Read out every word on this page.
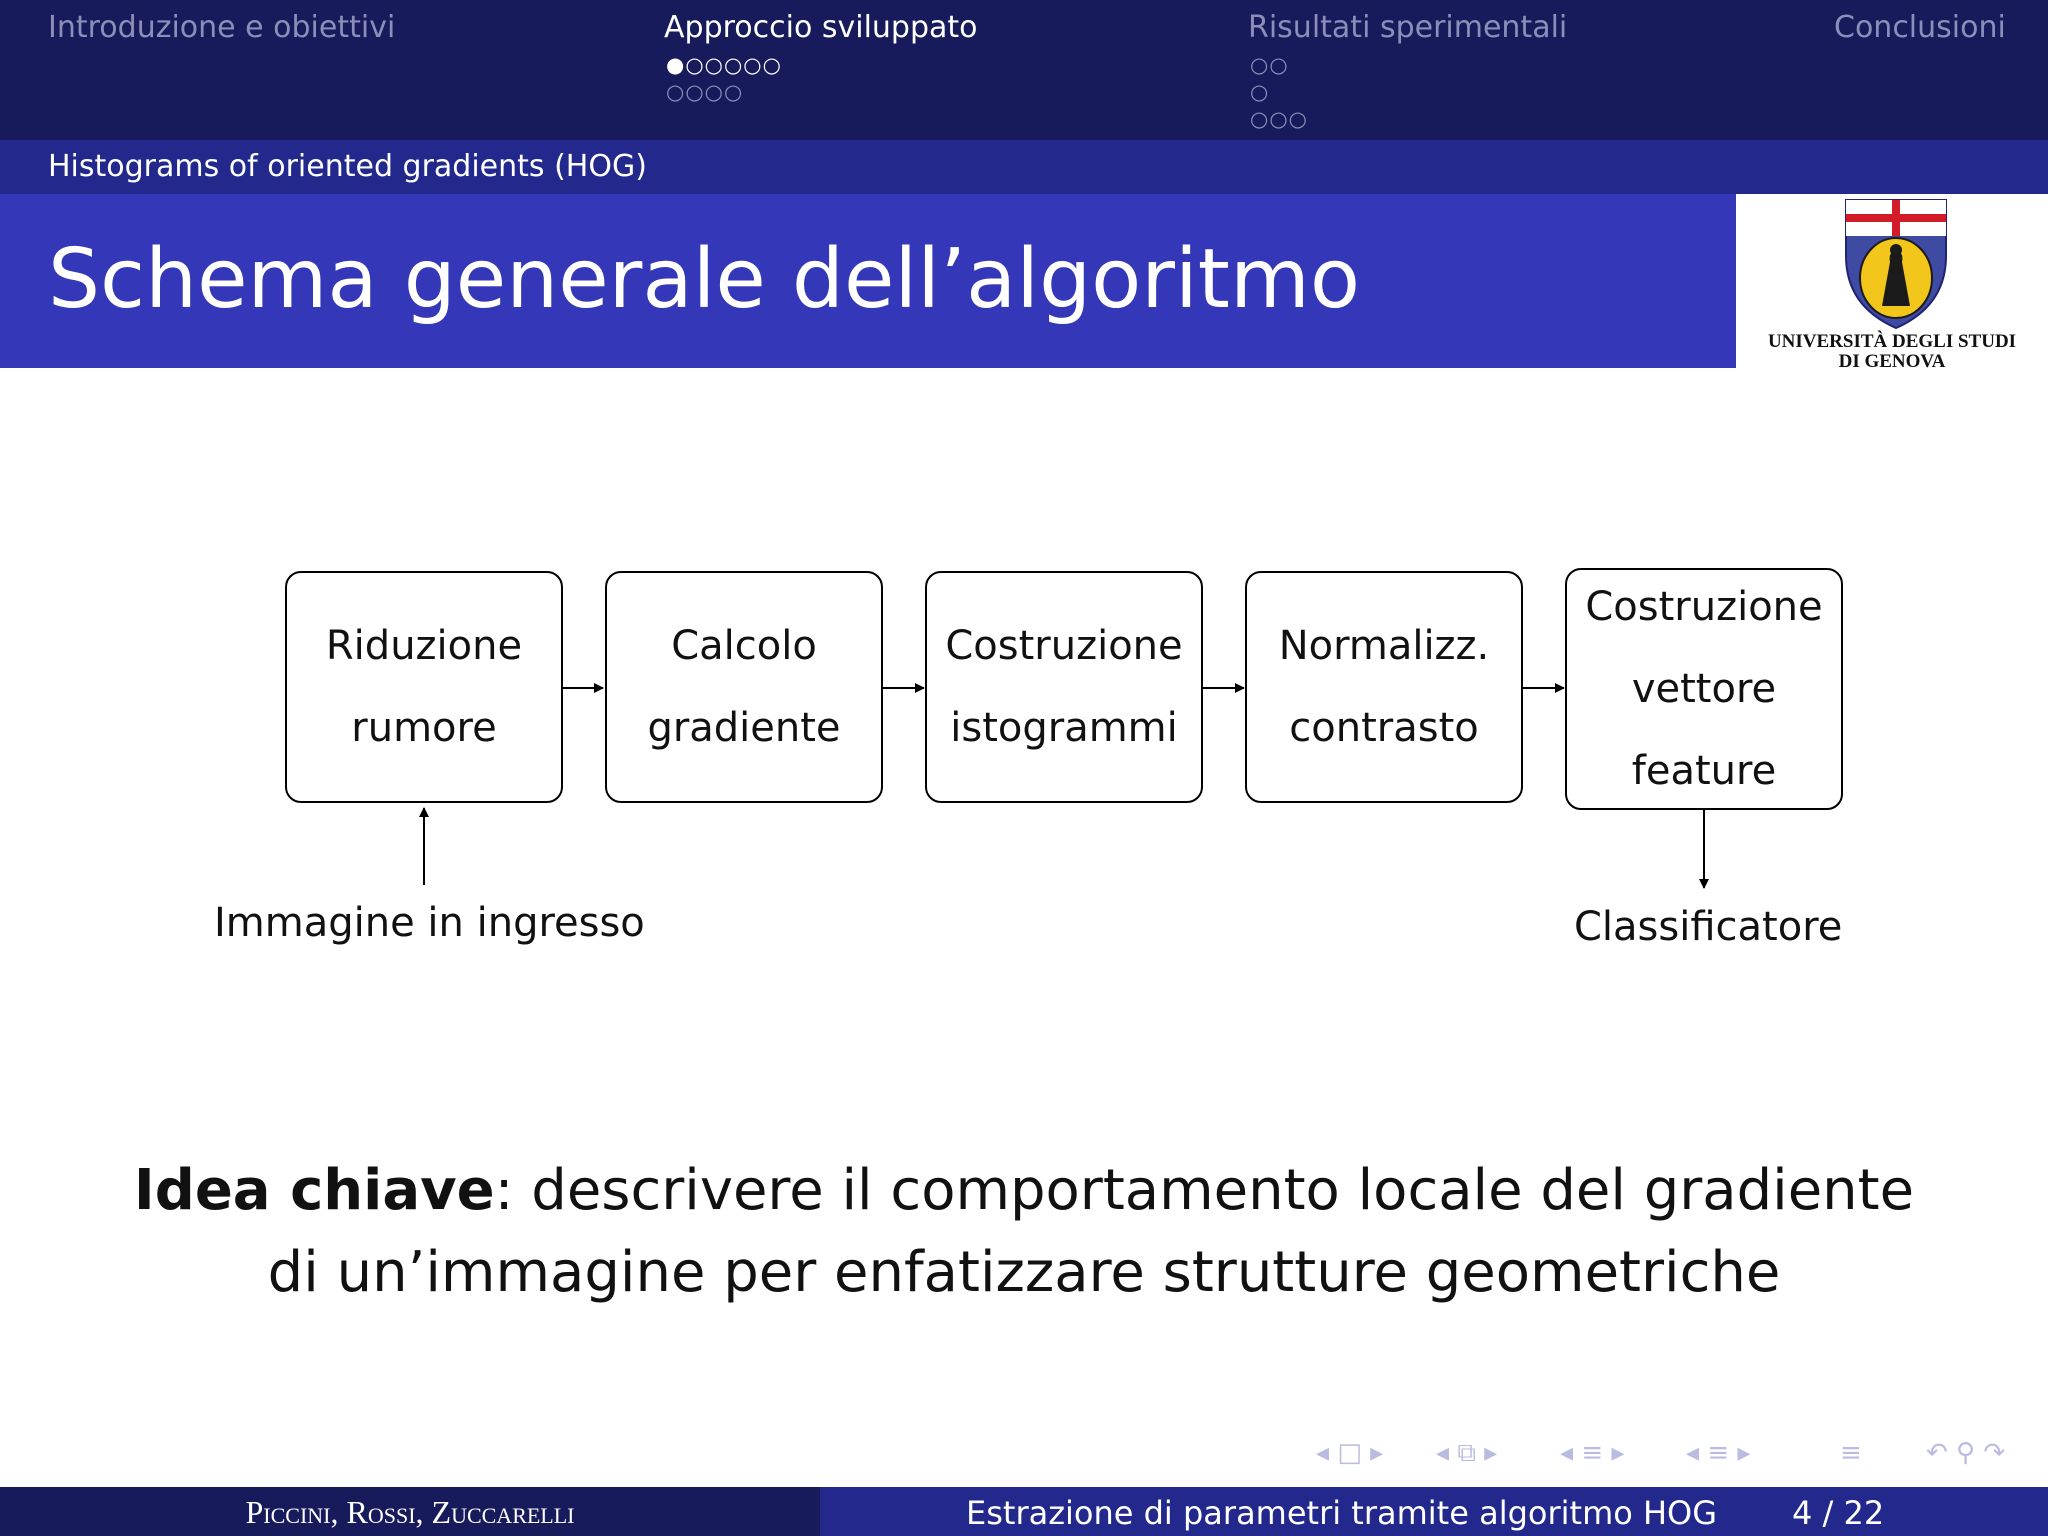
Introduzione e obiettivi	Approccio sviluppato
●○○○○○
○○○○
Risultati sperimentali
○○
○
○○○
Conclusioni
Histograms of oriented gradients (HOG)
Schema generale dell’algoritmo
UNIVERSITÀ DEGLI STUDI
DI GENOVA
Riduzione
rumore
Calcolo
gradiente
Costruzione
istogrammi
Normalizz.
contrasto
Costruzione
vettore
feature
Immagine in ingresso	Classificatore
Idea chiave: descrivere il comportamento locale del gradiente
di un’immagine per enfatizzare strutture geometriche
◂ □ ▸ ◂ ⧉ ▸ ◂ ≡ ▸ ◂ ≡ ▸	≡ ↶ ⚲ ↷
Piccini, Rossi, Zuccarelli	Estrazione di parametri tramite algoritmo HOG 4 / 22
